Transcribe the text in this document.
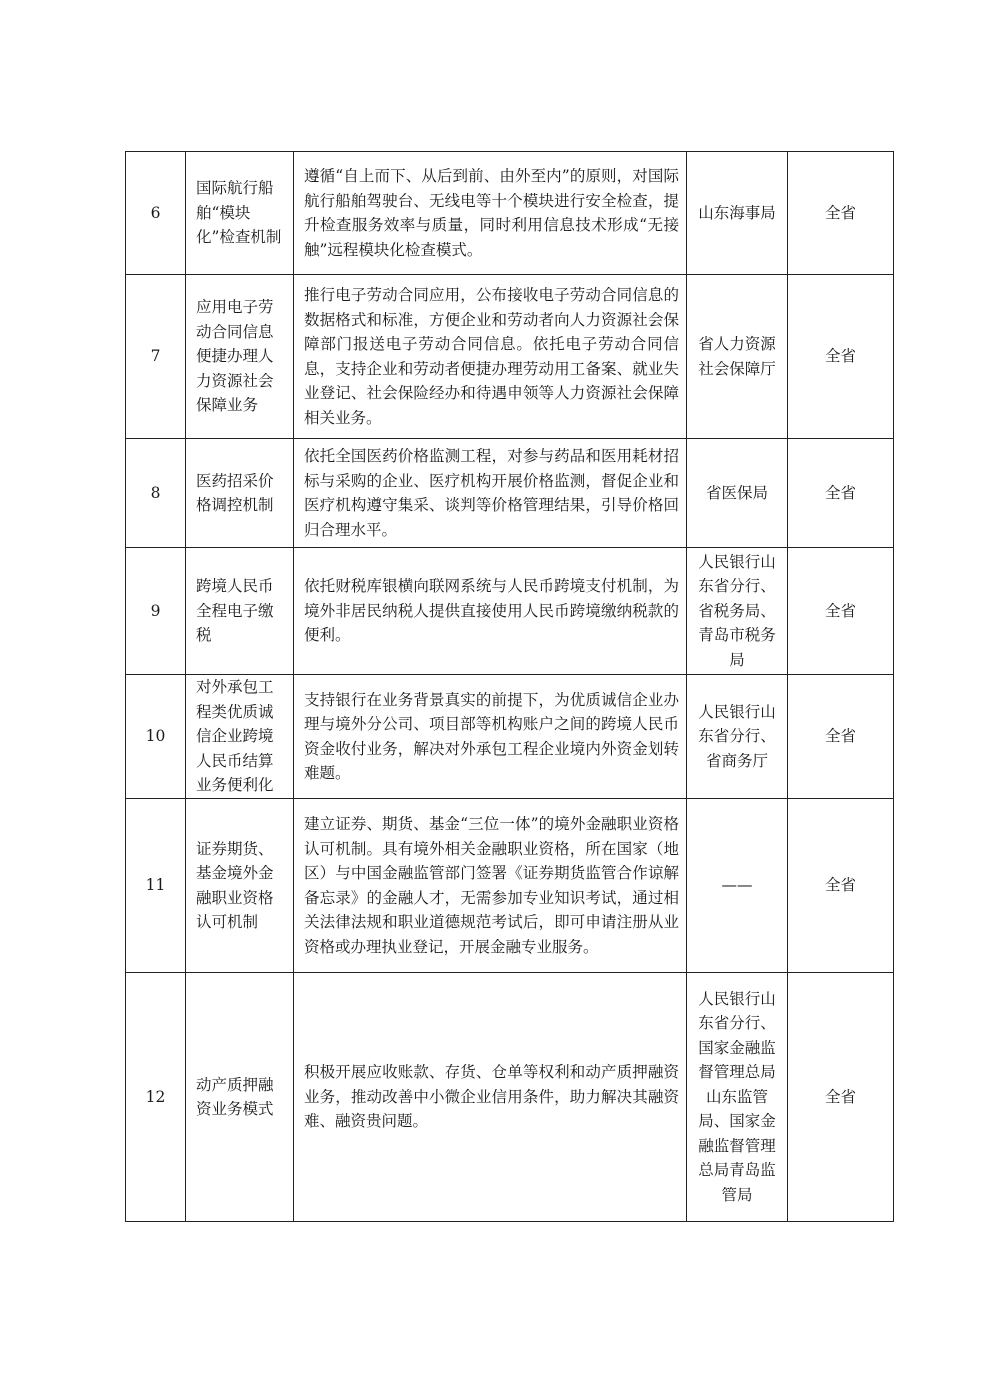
6	国际航行船舶“模块化”检查机制	遵循“自上而下、从后到前、由外至内”的原则，对国际航行船舶驾驶台、无线电等十个模块进行安全检查，提升检查服务效率与质量，同时利用信息技术形成“无接触”远程模块化检查模式。	山东海事局	全省
7	应用电子劳动合同信息便捷办理人力资源社会保障业务	推行电子劳动合同应用，公布接收电子劳动合同信息的数据格式和标准，方便企业和劳动者向人力资源社会保障部门报送电子劳动合同信息。依托电子劳动合同信息，支持企业和劳动者便捷办理劳动用工备案、就业失业登记、社会保险经办和待遇申领等人力资源社会保障相关业务。	省人力资源社会保障厅	全省
8	医药招采价格调控机制	依托全国医药价格监测工程，对参与药品和医用耗材招标与采购的企业、医疗机构开展价格监测，督促企业和医疗机构遵守集采、谈判等价格管理结果，引导价格回归合理水平。	省医保局	全省
9	跨境人民币全程电子缴税	依托财税库银横向联网系统与人民币跨境支付机制，为境外非居民纳税人提供直接使用人民币跨境缴纳税款的便利。	人民银行山东省分行、省税务局、青岛市税务局	全省
10	对外承包工程类优质诚信企业跨境人民币结算业务便利化	支持银行在业务背景真实的前提下，为优质诚信企业办理与境外分公司、项目部等机构账户之间的跨境人民币资金收付业务，解决对外承包工程企业境内外资金划转难题。	人民银行山东省分行、省商务厅	全省
11	证券期货、基金境外金融职业资格认可机制	建立证券、期货、基金“三位一体”的境外金融职业资格认可机制。具有境外相关金融职业资格，所在国家（地区）与中国金融监管部门签署《证券期货监管合作谅解备忘录》的金融人才，无需参加专业知识考试，通过相关法律法规和职业道德规范考试后，即可申请注册从业资格或办理执业登记，开展金融专业服务。	——	全省
12	动产质押融资业务模式	积极开展应收账款、存货、仓单等权利和动产质押融资业务，推动改善中小微企业信用条件，助力解决其融资难、融资贵问题。	人民银行山东省分行、国家金融监督管理总局山东监管局、国家金融监督管理总局青岛监管局	全省
